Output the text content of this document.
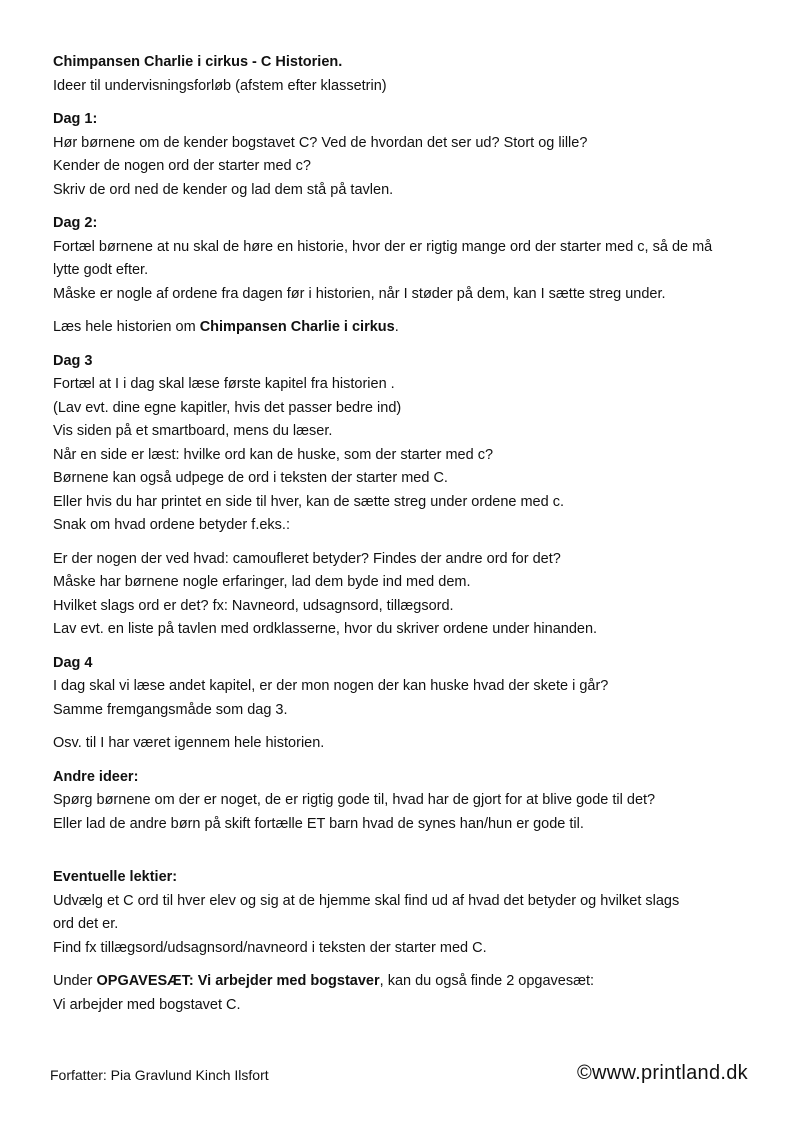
Chimpansen Charlie i cirkus - C Historien.
Ideer til undervisningsforløb (afstem efter klassetrin)
Dag 1:
Hør børnene om de kender bogstavet C? Ved de hvordan det ser ud? Stort og lille?
Kender de nogen ord der starter med c?
Skriv de ord ned de kender og lad dem stå på tavlen.
Dag 2:
Fortæl børnene at nu skal de høre en historie, hvor der er rigtig mange ord der starter med c, så de må
lytte godt efter.
Måske er nogle af ordene fra dagen før i historien, når I støder på dem, kan I sætte streg under.
Læs hele historien om Chimpansen Charlie i cirkus.
Dag 3
Fortæl at I i dag skal læse første kapitel fra historien .
(Lav evt. dine egne kapitler, hvis det passer bedre ind)
Vis siden på et smartboard, mens du læser.
Når en side er læst: hvilke ord kan de huske, som der starter med c?
Børnene kan også udpege de ord i teksten der starter med C.
Eller hvis du har printet en side til hver, kan de sætte streg under ordene med c.
Snak om hvad ordene betyder f.eks.:
Er der nogen der ved hvad: camoufleret betyder? Findes der andre ord for det?
Måske har børnene nogle erfaringer, lad dem byde ind med dem.
Hvilket slags ord er det? fx: Navneord, udsagnsord, tillægsord.
Lav evt. en liste på tavlen med ordklasserne, hvor du skriver ordene under hinanden.
Dag 4
I dag skal vi læse andet kapitel, er der mon nogen der kan huske hvad der skete i går?
Samme fremgangsmåde som dag 3.
Osv. til I har været igennem hele historien.
Andre ideer:
Spørg børnene om der er noget, de er rigtig gode til, hvad har de gjort for at blive gode til det?
Eller lad de andre børn på skift fortælle ET barn hvad de synes han/hun er gode til.
Eventuelle lektier:
Udvælg et C ord til hver elev og sig at de hjemme skal find ud af hvad det betyder og hvilket slags
ord det er.
Find fx tillægsord/udsagnsord/navneord i teksten der starter med C.
Under OPGAVESÆT: Vi arbejder med bogstaver, kan du også finde 2 opgavesæt:
Vi arbejder med bogstavet C.
Forfatter: Pia Gravlund Kinch Ilsfort	©www.printland.dk
